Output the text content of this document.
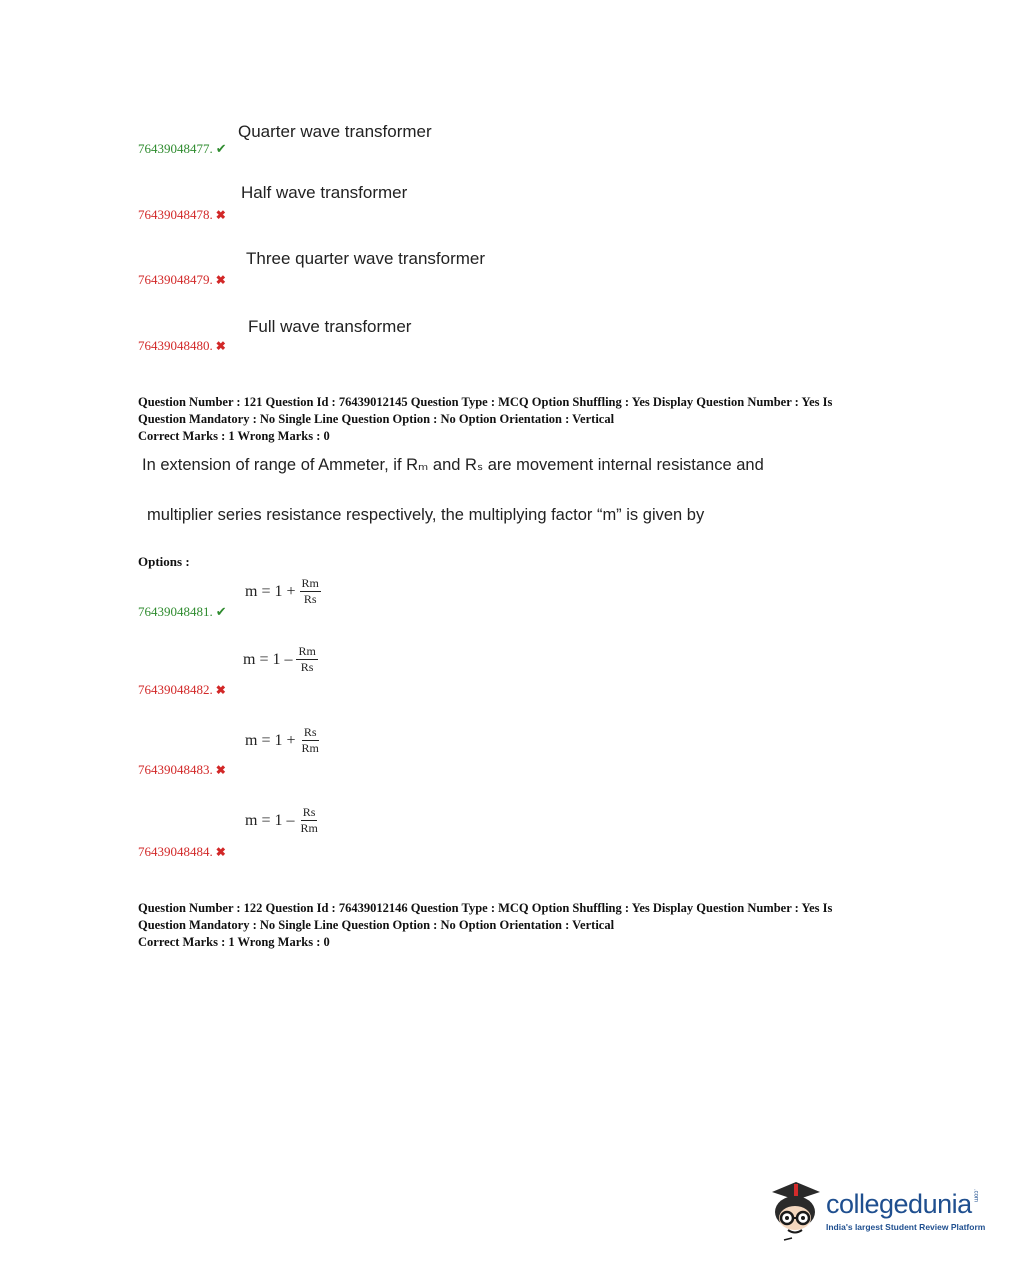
Quarter wave transformer
76439048477. ✔
Half wave transformer
76439048478. ✖
Three quarter wave transformer
76439048479. ✖
Full wave transformer
76439048480. ✖
Question Number : 121 Question Id : 76439012145 Question Type : MCQ Option Shuffling : Yes Display Question Number : Yes Is
Question Mandatory : No Single Line Question Option : No Option Orientation : Vertical
Correct Marks : 1 Wrong Marks : 0
In extension of range of Ammeter, if Rₘ and Rₛ are movement internal resistance and
multiplier series resistance respectively, the multiplying factor “m” is given by
Options :
$m = 1 + \frac{Rm}{Rs}$
76439048481. ✔
$m = 1 - \frac{Rm}{Rs}$
76439048482. ✖
$m = 1 + \frac{Rs}{Rm}$
76439048483. ✖
$m = 1 - \frac{Rs}{Rm}$
76439048484. ✖
Question Number : 122 Question Id : 76439012146 Question Type : MCQ Option Shuffling : Yes Display Question Number : Yes Is
Question Mandatory : No Single Line Question Option : No Option Orientation : Vertical
Correct Marks : 1 Wrong Marks : 0
collegedunia .com
India's largest Student Review Platform
